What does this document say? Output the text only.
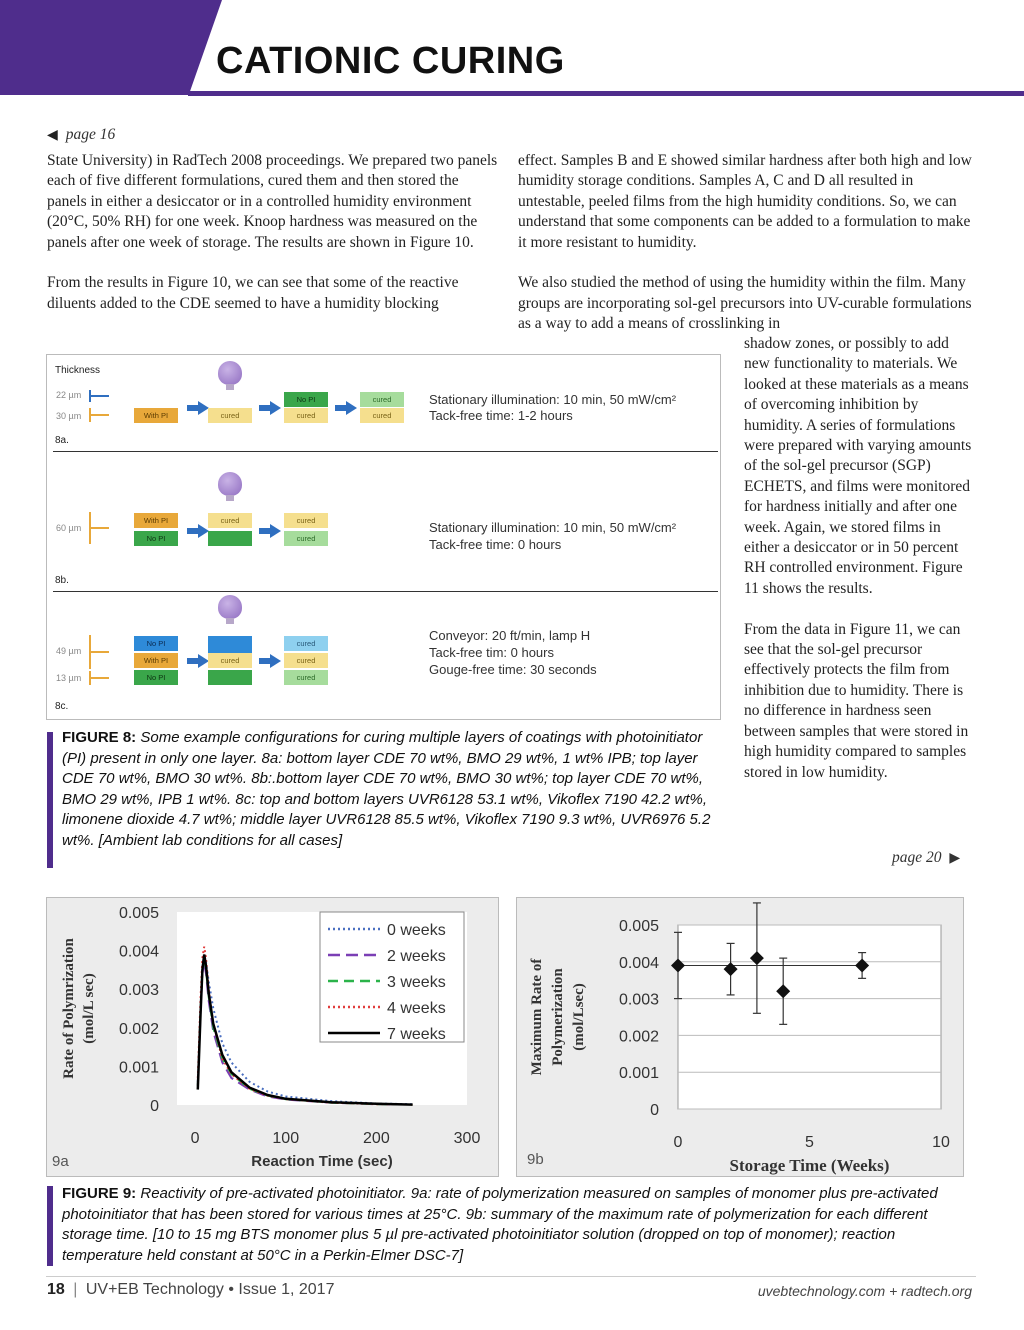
CATIONIC CURING
◀ page 16

State University) in RadTech 2008 proceedings. We prepared two panels each of five different formulations, cured them and then stored the panels in either a desiccator or in a controlled humidity environment (20°C, 50% RH) for one week. Knoop hardness was measured on the panels after one week of storage. The results are shown in Figure 10.

From the results in Figure 10, we can see that some of the reactive diluents added to the CDE seemed to have a humidity blocking

effect. Samples B and E showed similar hardness after both high and low humidity storage conditions. Samples A, C and D all resulted in untestable, peeled films from the high humidity conditions. So, we can understand that some components can be added to a formulation to make it more resistant to humidity.

We also studied the method of using the humidity within the film. Many groups are incorporating sol-gel precursors into UV-curable formulations as a way to add a means of crosslinking in

shadow zones, or possibly to add new functionality to materials. We looked at these materials as a means of overcoming inhibition by humidity. A series of formulations were prepared with varying amounts of the sol-gel precursor (SGP) ECHETS, and films were monitored for hardness initially and after one week. Again, we stored films in either a desiccator or in 50 percent RH controlled environment. Figure 11 shows the results.

From the data in Figure 11, we can see that the sol-gel precursor effectively protects the film from inhibition due to humidity. There is no difference in hardness seen between samples that were stored in high humidity compared to samples stored in low humidity.

page 20 ▶
Thickness
22 µm
30 µm	With PI	cured
No PI
cured
cured
cured
Stationary illumination: 10 min, 50 mW/cm²
Tack-free time: 1-2 hours
8a.
60 µm
With PI
No PI
cured	cured
cured
Stationary illumination: 10 min, 50 mW/cm²
Tack-free time: 0 hours
8b.
49 µm
13 µm
No PI
With PI
No PI
cured
cured
cured
cured
Conveyor: 20 ft/min, lamp H
Tack-free tim: 0 hours
Gouge-free time: 30 seconds
8c.
FIGURE 8: Some example configurations for curing multiple layers of coatings with photoinitiator (PI) present in only one layer. 8a: bottom layer CDE 70 wt%, BMO 29 wt%, 1 wt% IPB; top layer CDE 70 wt%, BMO 30 wt%. 8b:.bottom layer CDE 70 wt%, BMO 30 wt%; top layer CDE 70 wt%, BMO 29 wt%, IPB 1 wt%. 8c: top and bottom layers UVR6128 53.1 wt%, Vikoflex 7190 42.2 wt%, limonene dioxide 4.7 wt%; middle layer UVR6128 85.5 wt%, Vikoflex 7190 9.3 wt%, UVR6976 5.2 wt%. [Ambient lab conditions for all cases]
0
0.001
0.002
0.003
0.004
0.005
0	100	200	300
Reaction Time (sec)
Rate of Polymrization (mol/L sec)
9a
0 weeks
2 weeks
3 weeks
4 weeks
7 weeks
0
0.001
0.002
0.003
0.004
0.005
0	5	10
Storage Time (Weeks)
Maximum Rate of Polymerization (mol/Lsec)
9b
FIGURE 9: Reactivity of pre-activated photoinitiator. 9a: rate of polymerization measured on samples of monomer plus pre-activated photoinitiator that has been stored for various times at 25°C. 9b: summary of the maximum rate of polymerization for each different storage time. [10 to 15 mg BTS monomer plus 5 µl pre-activated photoinitiator solution (dropped on top of monomer); reaction temperature held constant at 50°C in a Perkin-Elmer DSC-7]
18 | UV+EB Technology • Issue 1, 2017	uvebtechnology.com + radtech.org
